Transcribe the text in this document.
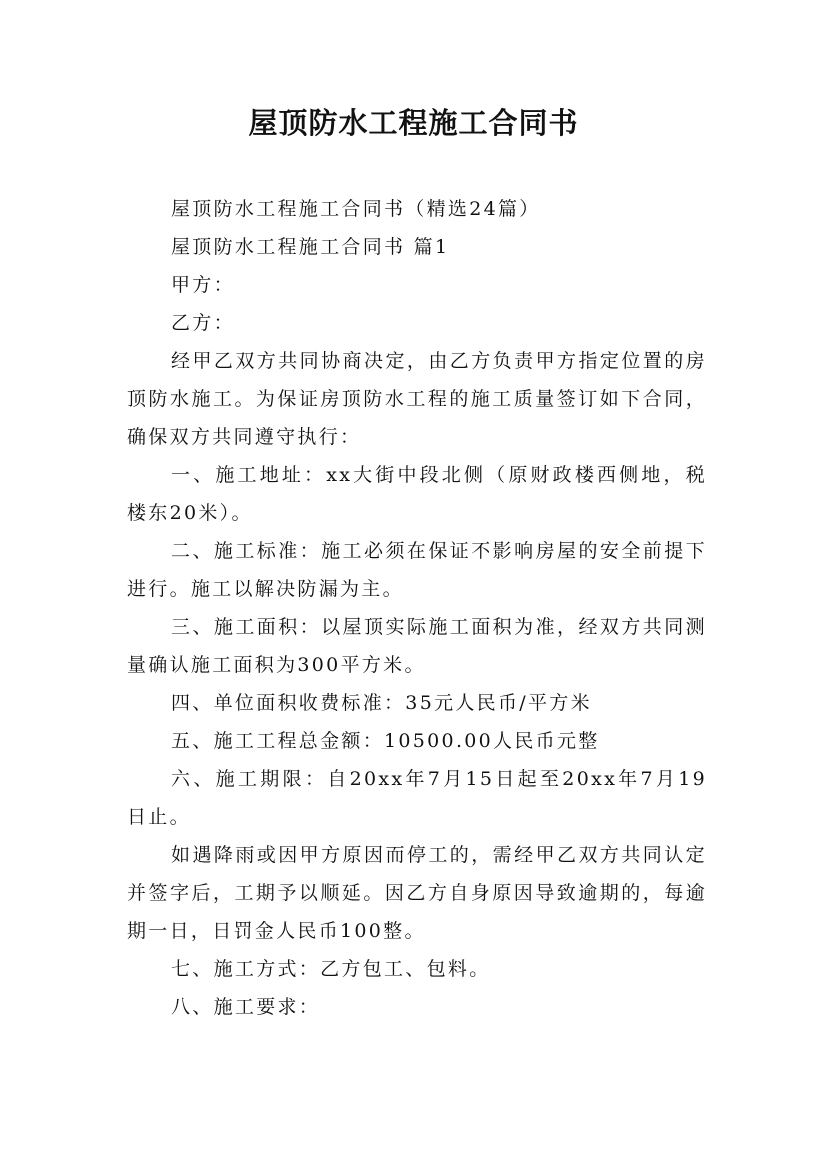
屋顶防水工程施工合同书

屋顶防水工程施工合同书（精选24篇）

屋顶防水工程施工合同书 篇1

甲方：

乙方：

经甲乙双方共同协商决定，由乙方负责甲方指定位置的房顶防水施工。为保证房顶防水工程的施工质量签订如下合同，确保双方共同遵守执行：

一、施工地址：xx大街中段北侧（原财政楼西侧地，税楼东20米）。

二、施工标准：施工必须在保证不影响房屋的安全前提下进行。施工以解决防漏为主。

三、施工面积：以屋顶实际施工面积为准，经双方共同测量确认施工面积为300平方米。

四、单位面积收费标准：35元人民币/平方米

五、施工工程总金额：10500.00人民币元整

六、施工期限：自20xx年7月15日起至20xx年7月19日止。

如遇降雨或因甲方原因而停工的，需经甲乙双方共同认定并签字后，工期予以顺延。因乙方自身原因导致逾期的，每逾期一日，日罚金人民币100整。

七、施工方式：乙方包工、包料。

八、施工要求：
